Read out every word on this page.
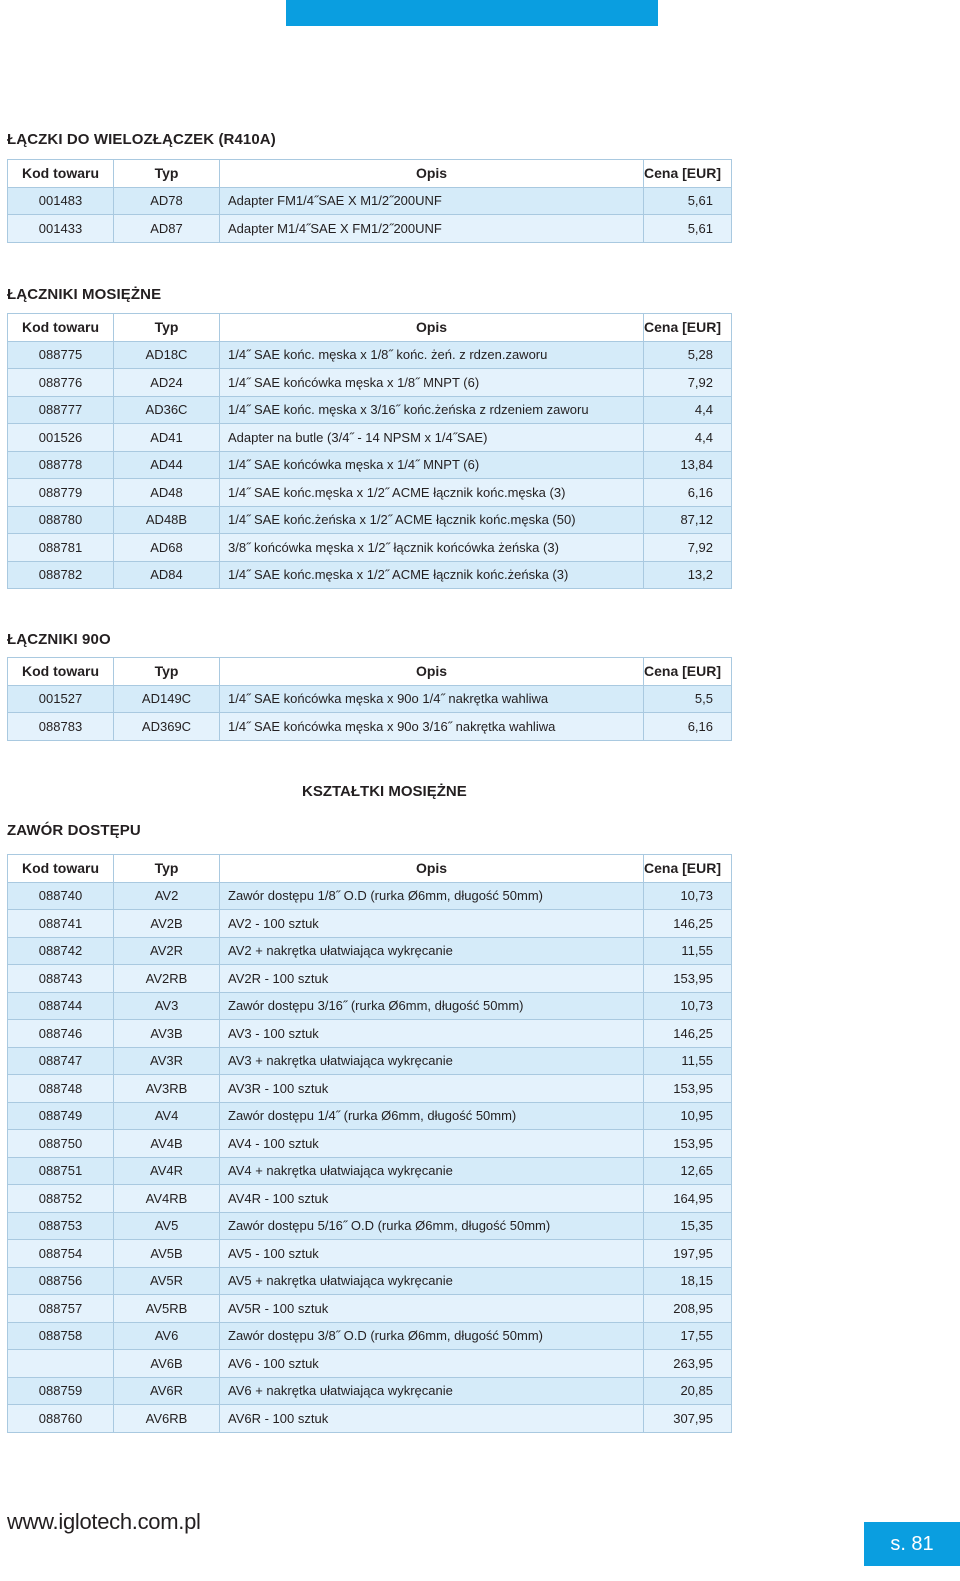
ŁĄCZKI DO WIELOZŁĄCZEK (R410A)
Kod towaru	Typ	Opis	Cena [EUR]
001483	AD78	Adapter FM1/4˝SAE X M1/2˝200UNF	5,61
001433	AD87	Adapter M1/4˝SAE X FM1/2˝200UNF	5,61
ŁĄCZNIKI MOSIĘŻNE
Kod towaru	Typ	Opis	Cena [EUR]
088775	AD18C	1/4˝ SAE końc. męska x 1/8˝ końc. żeń. z rdzen.zaworu	5,28
088776	AD24	1/4˝ SAE końcówka męska x 1/8˝ MNPT (6)	7,92
088777	AD36C	1/4˝ SAE końc. męska x 3/16˝ końc.żeńska z rdzeniem zaworu	4,4
001526	AD41	Adapter na butle (3/4˝ - 14 NPSM x 1/4˝SAE)	4,4
088778	AD44	1/4˝ SAE końcówka męska x 1/4˝ MNPT (6)	13,84
088779	AD48	1/4˝ SAE końc.męska x 1/2˝ ACME łącznik końc.męska (3)	6,16
088780	AD48B	1/4˝ SAE końc.żeńska x 1/2˝ ACME łącznik końc.męska (50)	87,12
088781	AD68	3/8˝ końcówka męska x 1/2˝ łącznik końcówka żeńska (3)	7,92
088782	AD84	1/4˝ SAE końc.męska x 1/2˝ ACME łącznik końc.żeńska (3)	13,2
ŁĄCZNIKI 90O
Kod towaru	Typ	Opis	Cena [EUR]
001527	AD149C	1/4˝ SAE końcówka męska x 90o 1/4˝ nakrętka wahliwa	5,5
088783	AD369C	1/4˝ SAE końcówka męska x 90o 3/16˝ nakrętka wahliwa	6,16
KSZTAŁTKI MOSIĘŻNE
ZAWÓR DOSTĘPU
Kod towaru	Typ	Opis	Cena [EUR]
088740	AV2	Zawór dostępu 1/8˝ O.D (rurka Ø6mm, długość 50mm)	10,73
088741	AV2B	AV2 - 100 sztuk	146,25
088742	AV2R	AV2 + nakrętka ułatwiająca wykręcanie	11,55
088743	AV2RB	AV2R - 100 sztuk	153,95
088744	AV3	Zawór dostępu 3/16˝ (rurka Ø6mm, długość 50mm)	10,73
088746	AV3B	AV3 - 100 sztuk	146,25
088747	AV3R	AV3 + nakrętka ułatwiająca wykręcanie	11,55
088748	AV3RB	AV3R - 100 sztuk	153,95
088749	AV4	Zawór dostępu 1/4˝ (rurka Ø6mm, długość 50mm)	10,95
088750	AV4B	AV4 - 100 sztuk	153,95
088751	AV4R	AV4 + nakrętka ułatwiająca wykręcanie	12,65
088752	AV4RB	AV4R - 100 sztuk	164,95
088753	AV5	Zawór dostępu 5/16˝ O.D (rurka Ø6mm, długość 50mm)	15,35
088754	AV5B	AV5 - 100 sztuk	197,95
088756	AV5R	AV5 + nakrętka ułatwiająca wykręcanie	18,15
088757	AV5RB	AV5R - 100 sztuk	208,95
088758	AV6	Zawór dostępu 3/8˝ O.D (rurka Ø6mm, długość 50mm)	17,55
	AV6B	AV6 - 100 sztuk	263,95
088759	AV6R	AV6 + nakrętka ułatwiająca wykręcanie	20,85
088760	AV6RB	AV6R - 100 sztuk	307,95
www.iglotech.com.pl
s. 81
